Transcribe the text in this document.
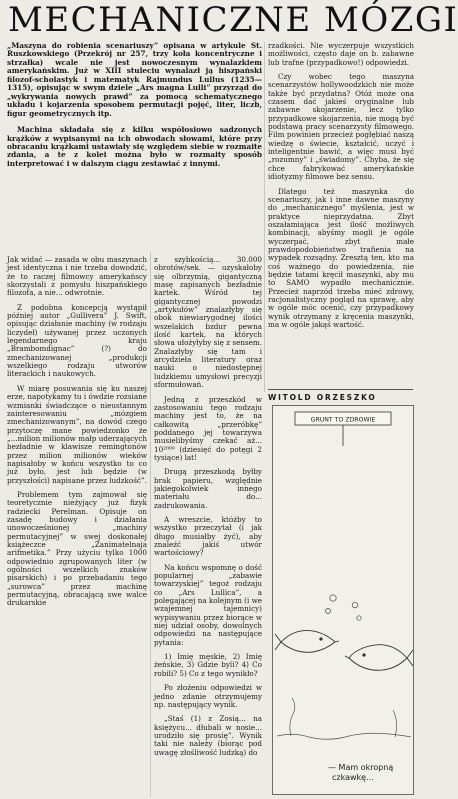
MECHANICZNE MÓZGI

„Maszyna do robienia scenariuszy” opisana w artykule St. Ruszkowskiego (Przekrój nr 257, trzy koła koncentryczne i strzałka) wcale nie jest nowoczesnym wynalazkiem amerykańskim. Już w XIII stuleciu wynalazł ją hiszpański filozof-scholastyk i matematyk Rajmundus Lullus (1235—1315), opisując w swym dziele „Ars magna Lulli” przyrząd do „wykrywania nowych prawd” za pomocą schematycznego układu i kojarzenia sposobem permutacji pojęć, liter, liczb, figur geometrycznych itp.

Machina składała się z kilku współosiowo sadzonych krążków z wypisanymi na ich obwodach słowami, które przy obracaniu krążkami ustawiały się względem siebie w rozmaite zdania, a te z kolei można było w rozmaity sposób interpretować i w dalszym ciągu zestawiać z innymi.

Jak widać — zasada w obu maszynach jest identyczna i nie trzeba dowodzić, że to raczej filmowcy amerykańscy skorzystali z pomysłu hiszpańskiego filozofa, a nie... odwrotnie.

Z podobna koncepcją wystąpił później autor „Gullivera” J. Swift, opisując działanie machiny (w rodzaju liczydeł) używanej przez uczonych legendarnego kraju „Brambomdignac” (?) do zmechanizowanej „produkcji wszelkiego rodzaju utworów literackich i naukowych.

W miarę posuwania się ku naszej erze, napotykamy tu i ówdzie rozsiane wzmianki świadczące o nieustannym zainteresowaniu „mózgiem zmechanizowanym”, na dowód czego przytoczę mane powiedzonko że „...milion milionów małp uderzających bezładnie w klawisze remingtonów przez milion milionów wieków napisałoby w końcu wszystko to co już było, jest lub będzie (w przyszłości) napisane przez ludzkość”.

Problemem tym zajmował się teoretycznie nieżyjący już fizyk radziecki Perelman. Opisuje on zasadę budowy i działania unowocześnionej „machiny permutacyjnej” w swej doskonałej książeczce „Zanimatelnaja arifmetika.” Przy użyciu tylko 1000 odpowiednio zgrupowanych liter (w ogólności wszelkich znaków pisarskich) i po przebadaniu tego „surowca” przez machinę permutacyjną, obracającą swe walce drukarskie

z szybkością... 30.000 obrotów/sek. — uzyskałoby się olbrzymią, gigantyczną masę zapisanych bezładnie kartek. Wśród tej gigantycznej powodzi „artykułów” znalazłyby się obok niewiarygodnej ilości wszelakich bzdur pewna ilość kartek, na których słowa ułożyłyby się z sensem. Znalazłyby się tam i arcydzieła literatury oraz nauki o niedostępnej ludzkiemu umysłowi precyzji sformułowań.

Jedną z przeszkód w zastosowaniu tego rodzaju machiny jest to, że na całkowitą „przeróbkę” poddanego jej towarzywa musielibyśmy czekać aż... 10²⁰⁰⁰ (dziesięć do potęgi 2 tysiące) lat!

Drugą przeszkodą byłby brak papieru, względnie jakiegokolwiek innego materiału do... zadrukowania.

A wreszcie, któżby to wszystko przeczytał (i jak długo musiałby żyć), aby znaleźć jakiś utwór wartościowy?

Na końcu wspomnę o dość popularnej „zabawie towarzyskiej” tegoż rodzaju co „Ars Lullica”, a polegającej na kolejnym (i we wzajemnej tajemnicy) wypisywaniu przez biorące w niej udział osoby, dowolnych odpowiedzi na następujące pytania:

1) Imię męskie, 2) Imię żeńskie, 3) Gdzie byli? 4) Co robili? 5) Co z tego wynikło?

Po złożeniu odpowiedzi w jedno zdanie otrzymujemy np. następujący wynik.

„Staś (1) z Zosią... na księżycu... dłubali w nosie... urodziło się prosię”. Wynik taki nie należy (biorąc pod uwagę złośliwość ludzką) do

rzadkości. Nie wyczerpuje wszystkich możliwości, często daje on b. zabawne lub trafne (przypadkowo!) odpowiedzi.

Czy wobec tego maszyna scenarzystów hollywoodzkich nie może także być przydatna? Otóż może ona czasem dać jakieś oryginalne lub zabawne skojarzenie, lecz tylko przypadkowe skojarzenia, nie mogą być podstawą pracy scenarzysty filmowego. Film powinien przecież pogłębiać naszą wiedzę o świecie, kształcić, uczyć i inteligentnie bawić, a więc musi być „rozumny” i „świadomy”. Chyba, że się chce fabrykować amerykańskie idiotyzmy filmowe bez sensu.

Dlatego też maszynka do scenariuszy, jak i inne dawne maszyny do „mechanicznego” myślenia, jest w praktyce nieprzydatna. Zbyt oszałamiająca jest ilość możliwych kombinacji, abyśmy mogli je ogóle wyczerpać, zbyt małe prawdopodobieństwo trafienia na wypadek rozsądny. Zresztą ten, kto ma coś ważnego do powiedzenia, nie będzie tatami kręcił maszynki, aby mu to SAMO wypadło mechanicznie. Przecież naprzód trzeba mieć zdrowy, racjonalistyczny pogląd na sprawę, aby w ogóle móc ocenić, czy przypadkowy wynik otrzymany z kręcenia maszynki, ma w ogóle jakąś wartość.

WITOLD ORZESZKO
GRUNT TO ZDROWIE
— Mam okropną
czkawkę...
